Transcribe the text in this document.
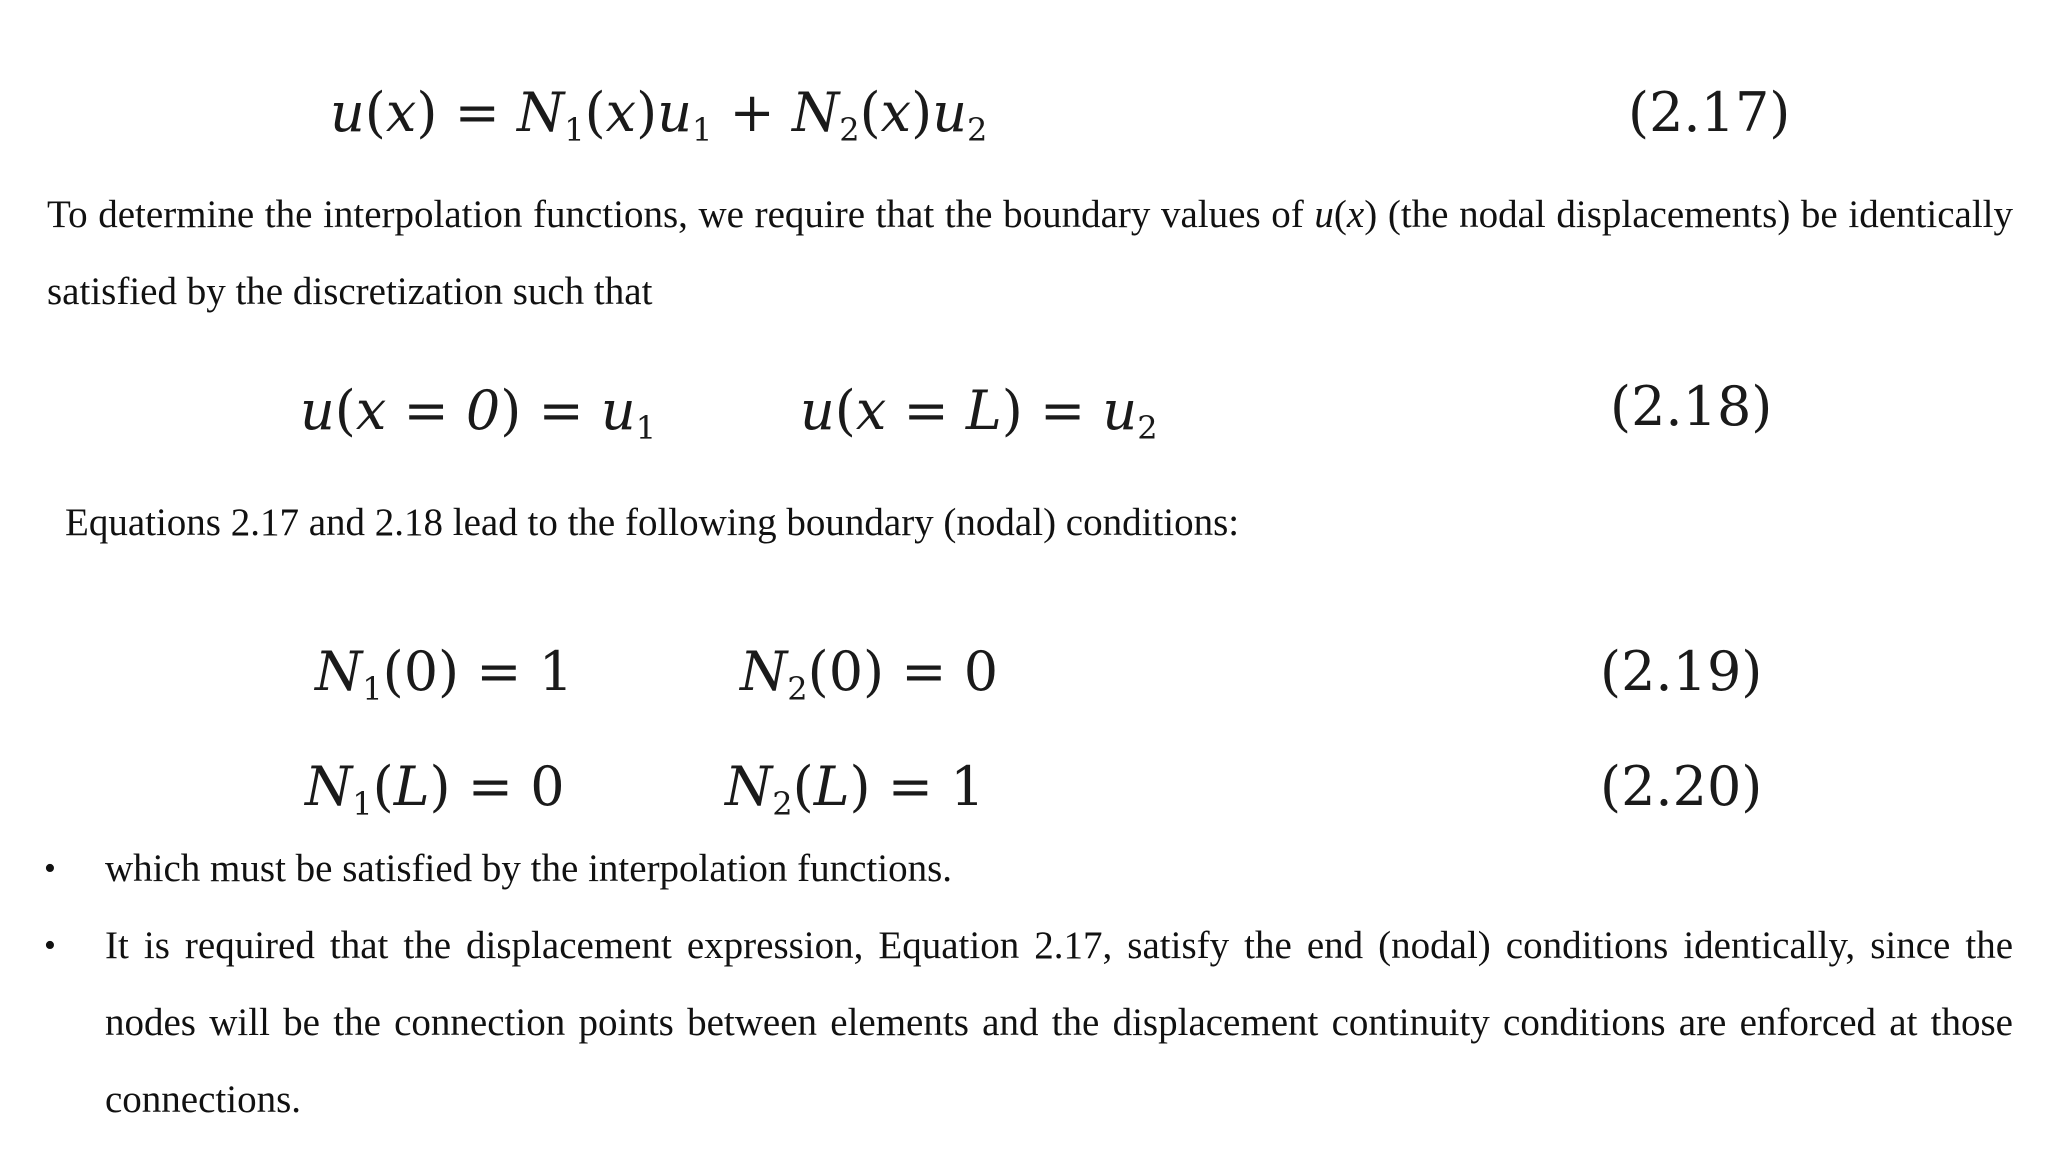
$u(x) = N_1(x)u_1 + N_2(x)u_2$	(2.17)
To determine the interpolation functions, we require that the boundary values of u(x) (the nodal displacements) be identically satisfied by the discretization such that
$u(x = 0) = u_1$	$u(x = L) = u_2$	(2.18)
Equations 2.17 and 2.18 lead to the following boundary (nodal) conditions:
$N_1(0) = 1$	$N_2(0) = 0$	(2.19)
$N_1(L) = 0$	$N_2(L) = 1$	(2.20)
• which must be satisfied by the interpolation functions.
• It is required that the displacement expression, Equation 2.17, satisfy the end (nodal) conditions identically, since the nodes will be the connection points between elements and the displacement continuity conditions are enforced at those connections.
